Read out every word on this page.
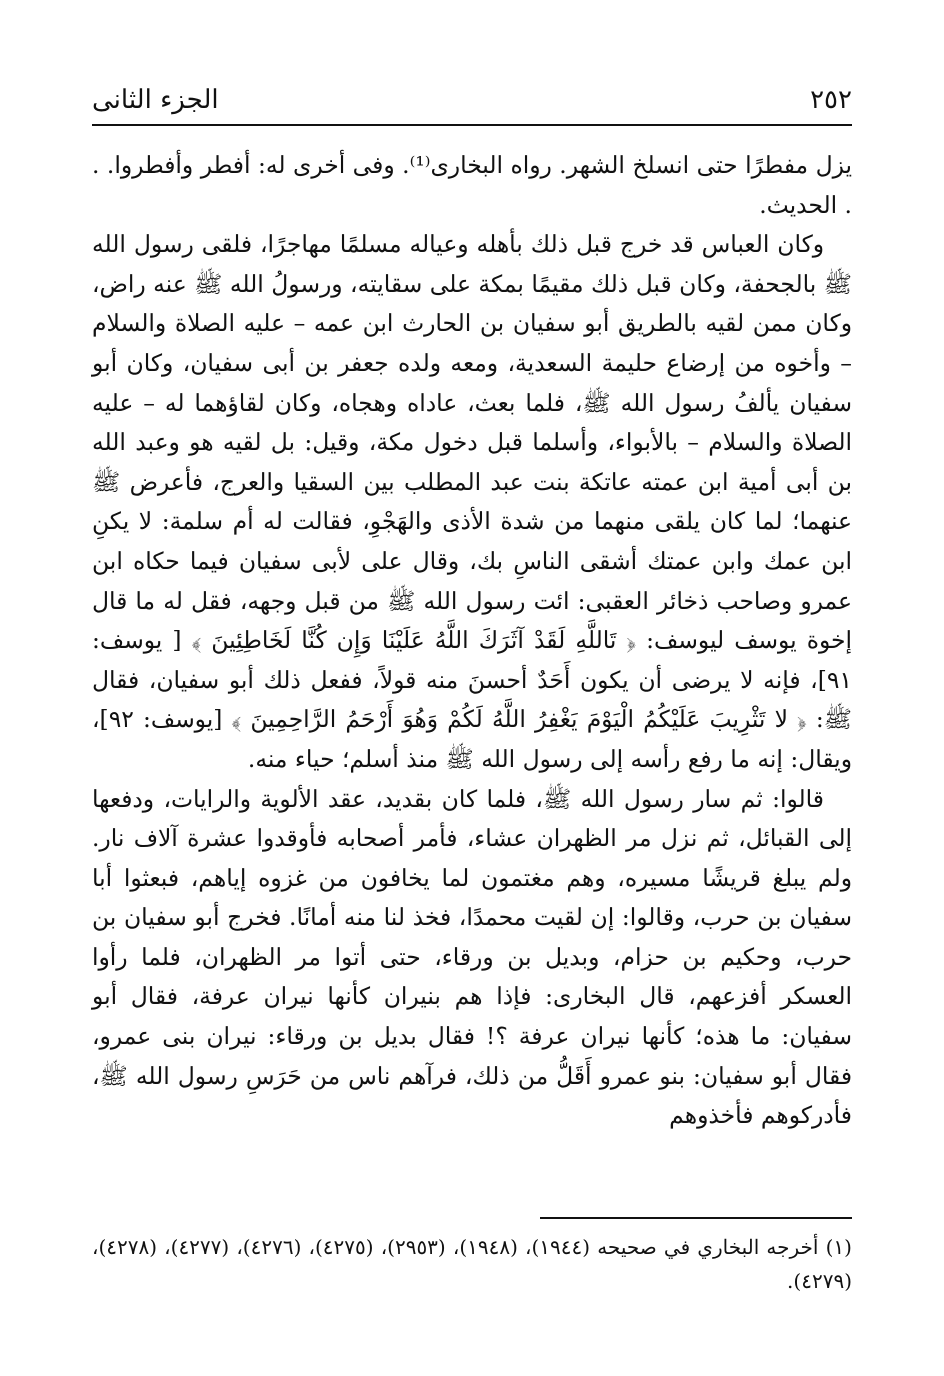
٢٥٢
الجزء الثانى

يزل مفطرًا حتى انسلخ الشهر. رواه البخارى⁽¹⁾. وفى أخرى له: أفطر وأفطروا. . . الحديث.

وكان العباس قد خرج قبل ذلك بأهله وعياله مسلمًا مهاجرًا، فلقى رسول الله ﷺ بالجحفة، وكان قبل ذلك مقيمًا بمكة على سقايته، ورسولُ الله ﷺ عنه راض، وكان ممن لقيه بالطريق أبو سفيان بن الحارث ابن عمه – عليه الصلاة والسلام – وأخوه من إرضاع حليمة السعدية، ومعه ولده جعفر بن أبى سفيان، وكان أبو سفيان يألفُ رسول الله ﷺ، فلما بعث، عاداه وهجاه، وكان لقاؤهما له – عليه الصلاة والسلام – بالأبواء، وأسلما قبل دخول مكة، وقيل: بل لقيه هو وعبد الله بن أبى أمية ابن عمته عاتكة بنت عبد المطلب بين السقيا والعرج، فأعرض ﷺ عنهما؛ لما كان يلقى منهما من شدة الأذى والهَجْوِ، فقالت له أم سلمة: لا يكنِ ابن عمك وابن عمتك أشقى الناسِ بك، وقال على لأبى سفيان فيما حكاه ابن عمرو وصاحب ذخائر العقبى: ائت رسول الله ﷺ من قبل وجهه، فقل له ما قال إخوة يوسف ليوسف: ﴿ تَاللَّهِ لَقَدْ آثَرَكَ اللَّهُ عَلَيْنَا وَإِن كُنَّا لَخَاطِئِينَ ﴾ [ يوسف: ٩١]، فإنه لا يرضى أن يكون أَحَدٌ أحسنَ منه قولاً، ففعل ذلك أبو سفيان، فقال ﷺ: ﴿ لا تَثْرِيبَ عَلَيْكُمُ الْيَوْمَ يَغْفِرُ اللَّهُ لَكُمْ وَهُوَ أَرْحَمُ الرَّاحِمِينَ ﴾ [يوسف: ٩٢]، ويقال: إنه ما رفع رأسه إلى رسول الله ﷺ منذ أسلم؛ حياء منه.

قالوا: ثم سار رسول الله ﷺ، فلما كان بقديد، عقد الألوية والرايات، ودفعها إلى القبائل، ثم نزل مر الظهران عشاء، فأمر أصحابه فأوقدوا عشرة آلاف نار. ولم يبلغ قريشًا مسيره، وهم مغتمون لما يخافون من غزوه إياهم، فبعثوا أبا سفيان بن حرب، وقالوا: إن لقيت محمدًا، فخذ لنا منه أمانًا. فخرج أبو سفيان بن حرب، وحكيم بن حزام، وبديل بن ورقاء، حتى أتوا مر الظهران، فلما رأوا العسكر أفزعهم، قال البخارى: فإذا هم بنيران كأنها نيران عرفة، فقال أبو سفيان: ما هذه؛ كأنها نيران عرفة ؟! فقال بديل بن ورقاء: نيران بنى عمرو، فقال أبو سفيان: بنو عمرو أَقَلُّ من ذلك، فرآهم ناس من حَرَسِ رسول الله ﷺ، فأدركوهم فأخذوهم

(١) أخرجه البخاري في صحيحه (١٩٤٤)، (١٩٤٨)، (٢٩٥٣)، (٤٢٧٥)، (٤٢٧٦)، (٤٢٧٧)، (٤٢٧٨)، (٤٢٧٩).
